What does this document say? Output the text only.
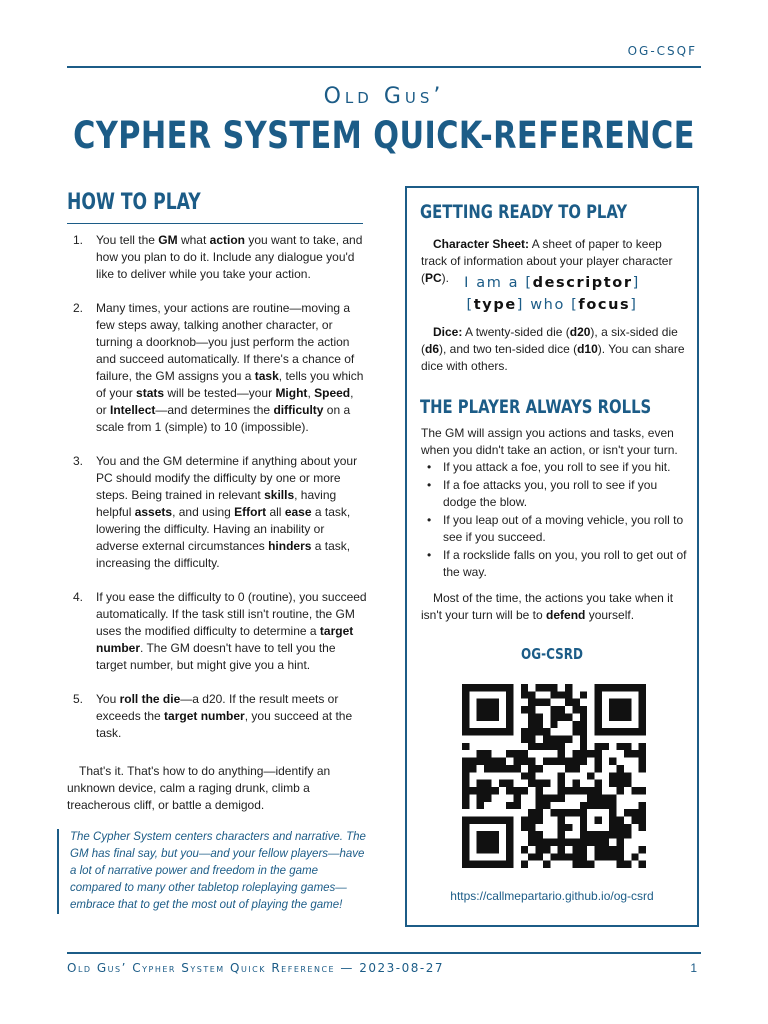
OG-CSQF
Old Gus’
CYPHER SYSTEM QUICK-REFERENCE
HOW TO PLAY
1. You tell the GM what action you want to take, and how you plan to do it. Include any dialogue you'd like to deliver while you take your action.
2. Many times, your actions are routine—moving a few steps away, talking another character, or turning a doorknob—you just perform the action and succeed automatically. If there's a chance of failure, the GM assigns you a task, tells you which of your stats will be tested—your Might, Speed, or Intellect—and determines the difficulty on a scale from 1 (simple) to 10 (impossible).
3. You and the GM determine if anything about your PC should modify the difficulty by one or more steps. Being trained in relevant skills, having helpful assets, and using Effort all ease a task, lowering the difficulty. Having an inability or adverse external circumstances hinders a task, increasing the difficulty.
4. If you ease the difficulty to 0 (routine), you succeed automatically. If the task still isn't routine, the GM uses the modified difficulty to determine a target number. The GM doesn't have to tell you the target number, but might give you a hint.
5. You roll the die—a d20. If the result meets or exceeds the target number, you succeed at the task.
That's it. That's how to do anything—identify an unknown device, calm a raging drunk, climb a treacherous cliff, or battle a demigod.
The Cypher System centers characters and narrative. The GM has final say, but you—and your fellow players—have a lot of narrative power and freedom in the game compared to many other tabletop roleplaying games—embrace that to get the most out of playing the game!
GETTING READY TO PLAY
Character Sheet: A sheet of paper to keep track of information about your player character (PC).	I am a [descriptor]
[type] who [focus]
Dice: A twenty-sided die (d20), a six-sided die (d6), and two ten-sided dice (d10). You can share dice with others.
THE PLAYER ALWAYS ROLLS
The GM will assign you actions and tasks, even when you didn't take an action, or isn't your turn.
• If you attack a foe, you roll to see if you hit.
• If a foe attacks you, you roll to see if you dodge the blow.
• If you leap out of a moving vehicle, you roll to see if you succeed.
• If a rockslide falls on you, you roll to get out of the way.
Most of the time, the actions you take when it isn't your turn will be to defend yourself.
OG-CSRD
https://callmepartario.github.io/og-csrd
Old Gus’ Cypher System Quick Reference — 2023-08-27	1
